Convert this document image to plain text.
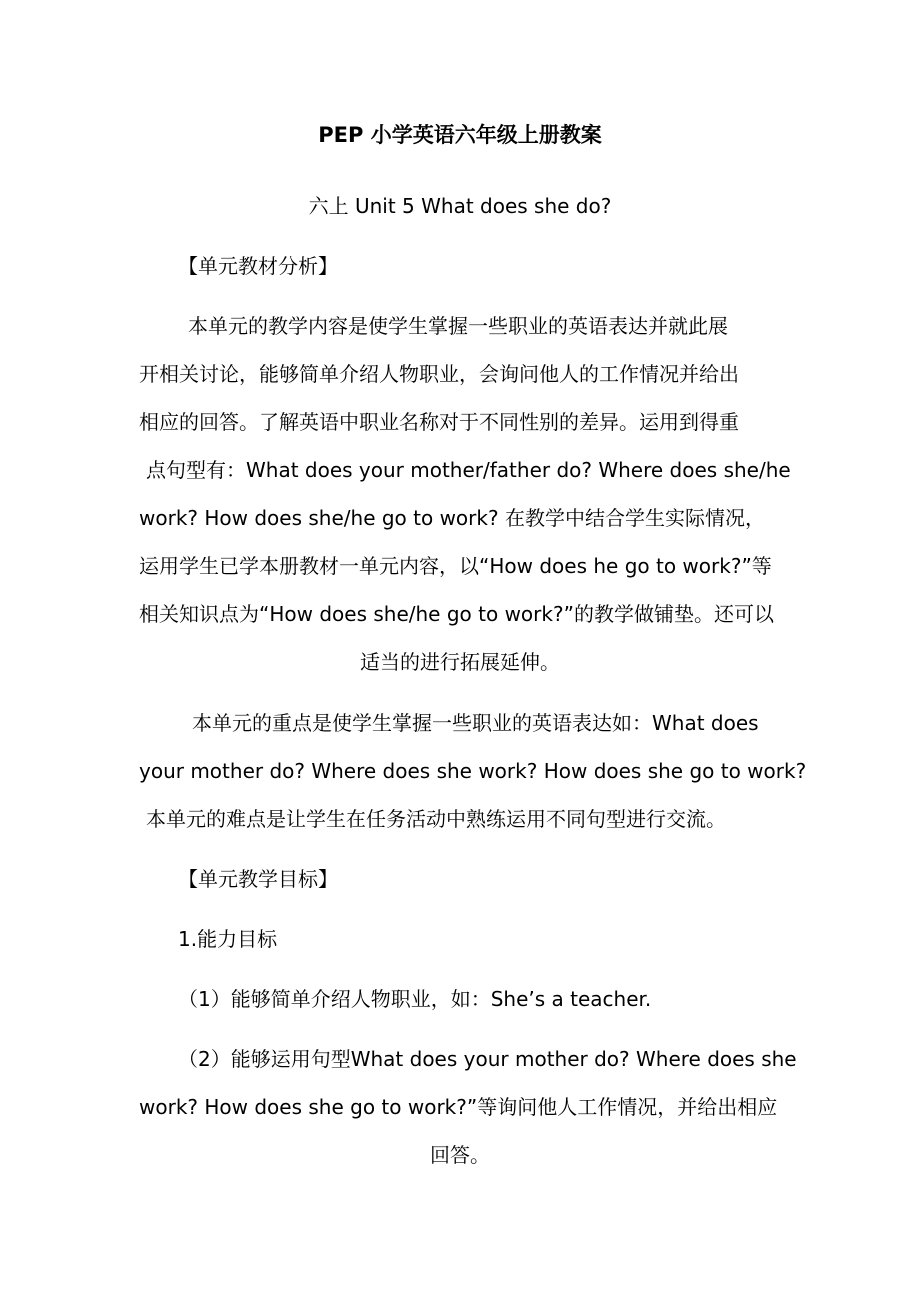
PEP 小学英语六年级上册教案
六上 Unit 5 What does she do?
【单元教材分析】
本单元的教学内容是使学生掌握一些职业的英语表达并就此展
开相关讨论，能够简单介绍人物职业，会询问他人的工作情况并给出
相应的回答。了解英语中职业名称对于不同性别的差异。运用到得重
点句型有：What does your mother/father do? Where does she/he
work? How does she/he go to work? 在教学中结合学生实际情况，
运用学生已学本册教材一单元内容，以“How does he go to work?”等
相关知识点为“How does she/he go to work?”的教学做铺垫。还可以
适当的进行拓展延伸。
本单元的重点是使学生掌握一些职业的英语表达如：What does
your mother do? Where does she work? How does she go to work?
本单元的难点是让学生在任务活动中熟练运用不同句型进行交流。
【单元教学目标】
1.能力目标
（1）能够简单介绍人物职业，如：She’s a teacher.
（2）能够运用句型What does your mother do? Where does she
work? How does she go to work?”等询问他人工作情况，并给出相应
回答。
